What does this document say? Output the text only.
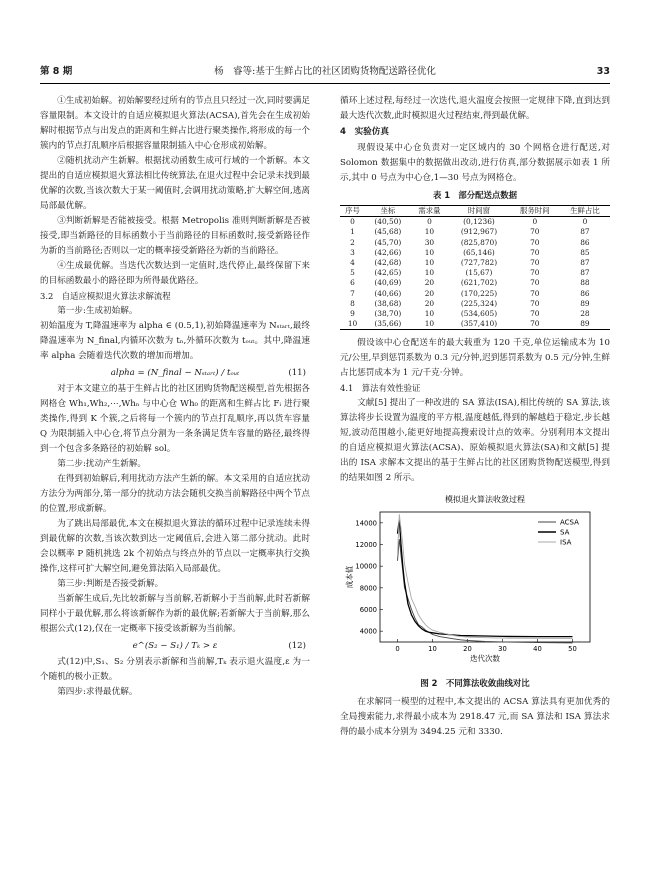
第 8 期	杨　睿等:基于生鲜占比的社区团购货物配送路径优化	33

①生成初始解。初始解要经过所有的节点且只经过一次,同时要满足容量限制。本文设计的自适应模拟退火算法(ACSA),首先会在生成初始解时根据节点与出发点的距离和生鲜占比进行聚类操作,将形成的每一个簇内的节点打乱顺序后根据容量限制插入中心仓形成初始解。

②随机扰动产生新解。根据扰动函数生成可行域的一个新解。本文提出的自适应模拟退火算法相比传统算法,在退火过程中会记录未找到最优解的次数,当该次数大于某一阈值时,会调用扰动策略,扩大解空间,逃离局部最优解。

③判断新解是否能被接受。根据 Metropolis 准则判断新解是否被接受,即当新路径的目标函数小于当前路径的目标函数时,接受新路径作为新的当前路径;否则以一定的概率接受新路径为新的当前路径。

④生成最优解。当迭代次数达到一定值时,迭代停止,最终保留下来的目标函数最小的路径即为所得最优路径。

3.2　自适应模拟退火算法求解流程

第一步:生成初始解。

初始温度为 T,降温速率为 alpha ∈ (0.5,1),初始降温速率为 Nₛₜₐᵣₜ,最终降温速率为 N_final,内循环次数为 tₙ,外循环次数为 tₒᵤₜ。其中,降温速率 alpha 会随着迭代次数的增加而增加。

alpha = (N_final − Nₛₜₐᵣₜ) / tₒᵤₜ	(11)

对于本文建立的基于生鲜占比的社区团购货物配送模型,首先根据各网格仓 Wh₁,Wh₂,⋯,Whₙ 与中心仓 Wh₀ 的距离和生鲜占比 Fᵢ 进行聚类操作,得到 K 个簇,之后将每一个簇内的节点打乱顺序,再以货车容量 Q 为限制插入中心仓,将节点分割为一条条满足货车容量的路径,最终得到一个包含多条路径的初始解 sol。

第二步:扰动产生新解。

在得到初始解后,利用扰动方法产生新的解。本文采用的自适应扰动方法分为两部分,第一部分的扰动方法会随机交换当前解路径中两个节点的位置,形成新解。

为了跳出局部最优,本文在模拟退火算法的循环过程中记录连续未得到最优解的次数,当该次数到达一定阈值后,会进入第二部分扰动。此时会以概率 P 随机挑选 2k 个初始点与终点外的节点以一定概率执行交换操作,这样可扩大解空间,避免算法陷入局部最优。

第三步:判断是否接受新解。

当新解生成后,先比较新解与当前解,若新解小于当前解,此时若新解同样小于最优解,那么将该新解作为新的最优解;若新解大于当前解,那么根据公式(12),仅在一定概率下接受该新解为当前解。

e^(S₂ − S₁) / Tₖ > ε	(12)

式(12)中,S₁、S₂ 分别表示新解和当前解,Tₖ 表示退火温度,ε 为一个随机的极小正数。

第四步:求得最优解。

循环上述过程,每经过一次迭代,退火温度会按照一定规律下降,直到达到最大迭代次数,此时模拟退火过程结束,得到最优解。

4　实验仿真

现假设某中心仓负责对一定区域内的 30 个网格仓进行配送,对 Solomon 数据集中的数据做出改动,进行仿真,部分数据展示如表 1 所示,其中 0 号点为中心仓,1—30 号点为网格仓。

表 1　部分配送点数据
序号	坐标	需求量	时间窗	服务时间	生鲜占比
0	(40,50)	0	(0,1236)	0	0
1	(45,68)	10	(912,967)	70	87
2	(45,70)	30	(825,870)	70	86
3	(42,66)	10	(65,146)	70	85
4	(42,68)	10	(727,782)	70	87
5	(42,65)	10	(15,67)	70	87
6	(40,69)	20	(621,702)	70	88
7	(40,66)	20	(170,225)	70	86
8	(38,68)	20	(225,324)	70	89
9	(38,70)	10	(534,605)	70	28
10	(35,66)	10	(357,410)	70	89

假设该中心仓配送车的最大载重为 120 千克,单位运输成本为 10 元/公里,早到惩罚系数为 0.3 元/分钟,迟到惩罚系数为 0.5 元/分钟,生鲜占比惩罚成本为 1 元/千克·分钟。

4.1　算法有效性验证

文献[5] 提出了一种改进的 SA 算法(ISA),相比传统的 SA 算法,该算法将步长设置为温度的平方根,温度越低,得到的解越趋于稳定,步长越短,波动范围越小,能更好地提高搜索设计点的效率。分别利用本文提出的自适应模拟退火算法(ACSA)、原始模拟退火算法(SA)和文献[5] 提出的 ISA 求解本文提出的基于生鲜占比的社区团购货物配送模型,得到的结果如图 2 所示。

模拟退火算法收敛过程
4000
6000
8000
10000
12000
14000
0	10	20	30	40	50
迭代次数
成本值
ACSA
SA
ISA
图 2　不同算法收敛曲线对比

在求解同一模型的过程中,本文提出的 ACSA 算法具有更加优秀的全局搜索能力,求得最小成本为 2918.47 元,而 SA 算法和 ISA 算法求得的最小成本分别为 3494.25 元和 3330.
